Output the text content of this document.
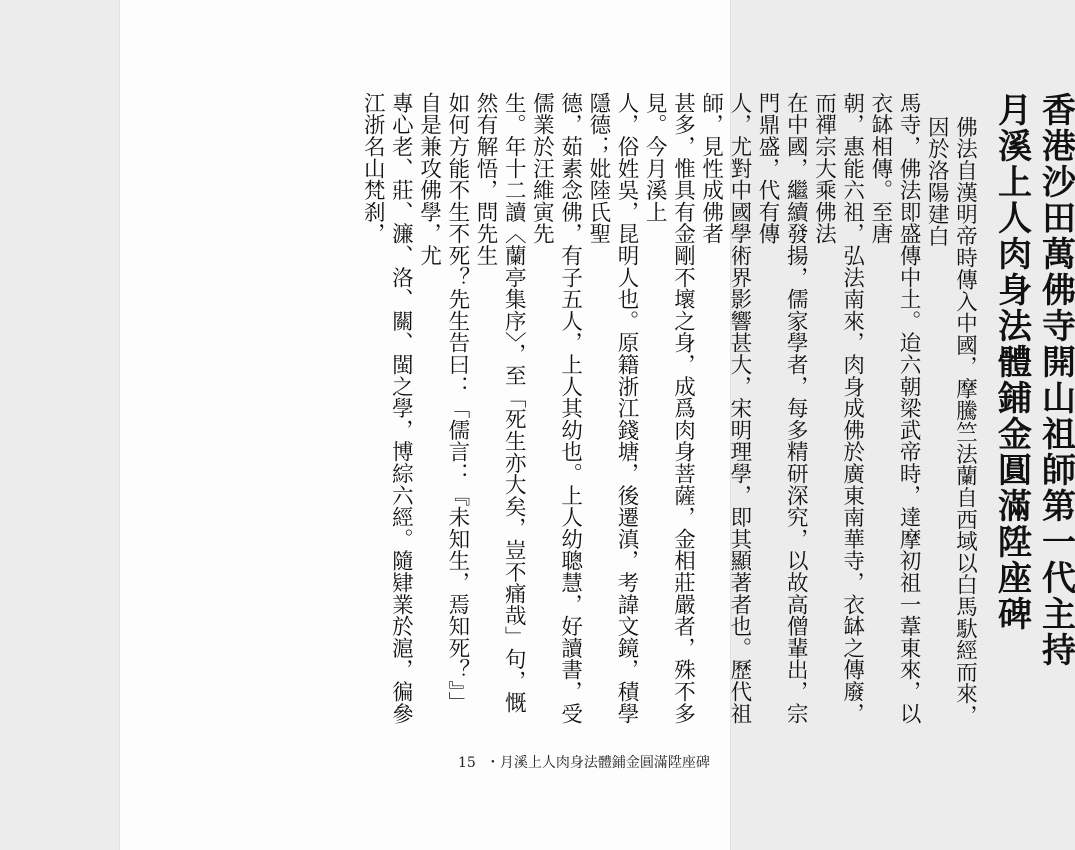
香港沙田萬佛寺開山祖師第一代主持
月溪上人肉身法體鋪金圓滿陞座碑
佛法自漢明帝時傳入中國，摩騰竺法蘭自西域以白馬馱經而來，因於洛陽建白
馬寺，佛法即盛傳中土。迨六朝梁武帝時，達摩初祖一葦東來，以衣缽相傳。至唐
朝，惠能六祖，弘法南來，肉身成佛於廣東南華寺，衣缽之傳廢，而禪宗大乘佛法
在中國，繼續發揚，儒家學者，每多精研深究，以故高僧輩出，宗門鼎盛，代有傳
人，尤對中國學術界影響甚大，宋明理學，即其顯著者也。歷代祖師，見性成佛者
甚多，惟具有金剛不壞之身，成爲肉身菩薩，金相莊嚴者，殊不多見。今月溪上
人，俗姓吳，昆明人也。原籍浙江錢塘，後遷滇，考諱文鏡，積學隱德；妣陸氏聖
德，茹素念佛，有子五人，上人其幼也。上人幼聰慧，好讀書，受儒業於汪維寅先
生。年十二讀〈蘭亭集序〉，至「死生亦大矣，豈不痛哉」句，慨然有解悟，問先生
如何方能不生不死？先生告曰：「儒言：『未知生，焉知死？』」自是兼攻佛學，尤
專心老、莊、濂、洛、關、閩之學，博綜六經。隨肄業於滬，徧參江浙名山梵刹，
15 ・月溪上人肉身法體鋪金圓滿陞座碑
